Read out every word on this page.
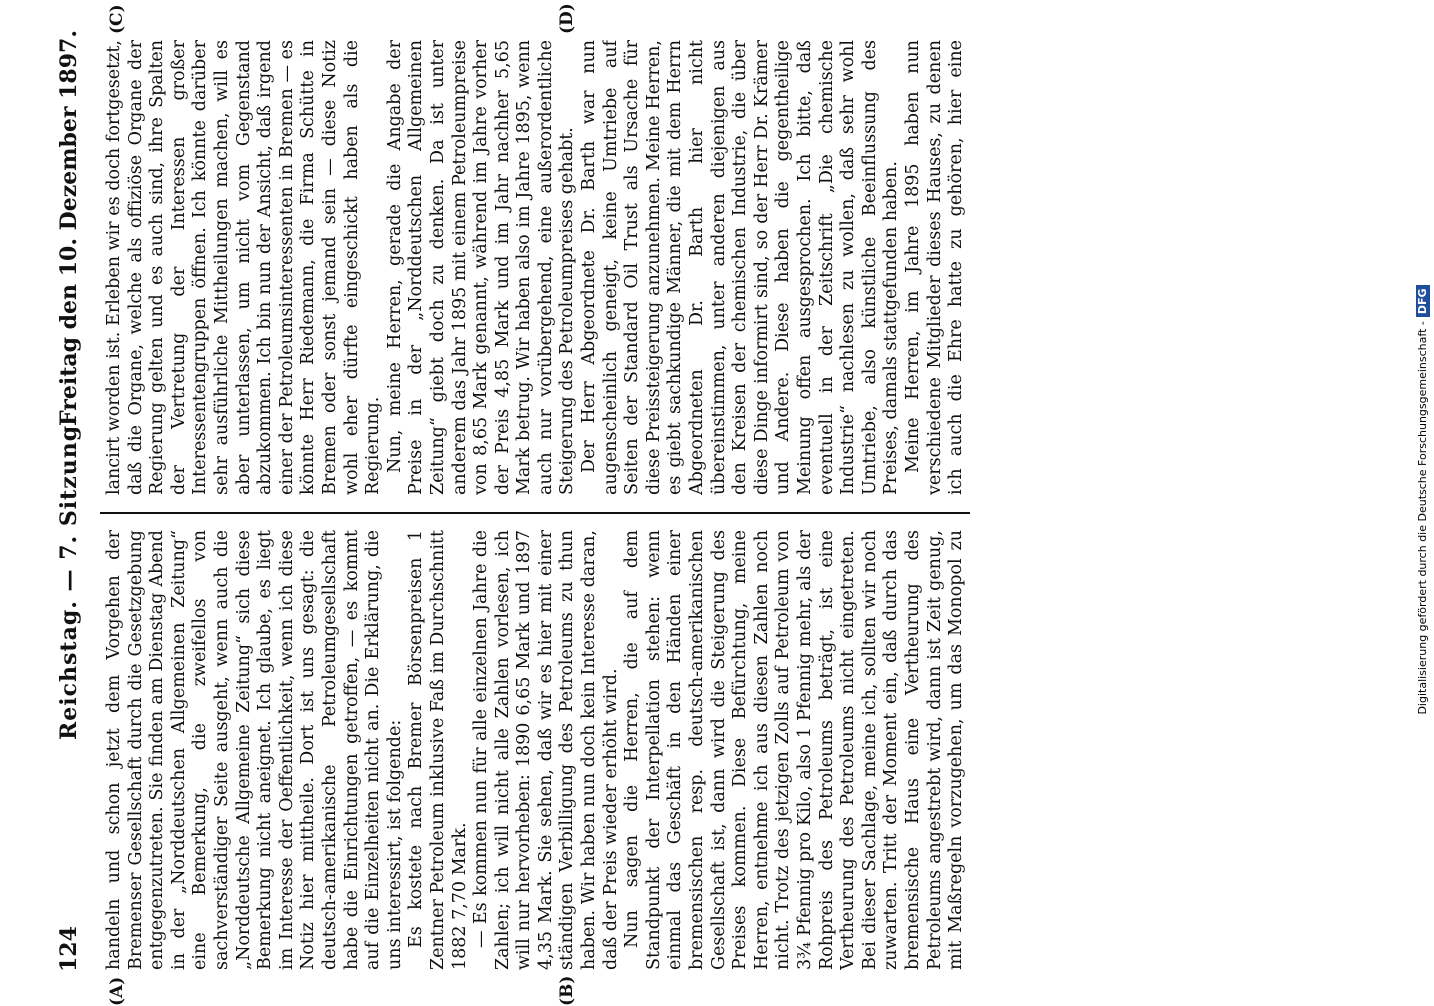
124
Reichstag. — 7. Sitzung.
Freitag den 10. Dezember 1897.
(A)	(B)
(C)	(D)

handeln und schon jetzt dem Vorgehen der Bremenser Gesellschaft durch die Gesetzgebung entgegenzutreten. Sie finden am Dienstag Abend in der „Norddeutschen Allgemeinen Zeitung“ eine Bemerkung, die zweifellos von sachverständiger Seite ausgeht, wenn auch die „Norddeutsche Allgemeine Zeitung“ sich diese Bemerkung nicht aneignet. Ich glaube, es liegt im Interesse der Oeffentlichkeit, wenn ich diese Notiz hier mittheile. Dort ist uns gesagt: die deutsch-amerikanische Petroleumgesellschaft habe die Einrichtungen getroffen, — es kommt auf die Einzelheiten nicht an. Die Erklärung, die uns interessirt, ist folgende: Es kostete nach Bremer Börsenpreisen 1 Zentner Petroleum inklusive Faß im Durchschnitt 1882 7,70 Mark. — Es kommen nun für alle einzelnen Jahre die Zahlen; ich will nicht alle Zahlen vorlesen, ich will nur hervorheben: 1890 6,65 Mark und 1897 4,35 Mark. Sie sehen, daß wir es hier mit einer ständigen Verbilligung des Petroleums zu thun haben. Wir haben nun doch kein Interesse daran, daß der Preis wieder erhöht wird. Nun sagen die Herren, die auf dem Standpunkt der Interpellation stehen: wenn einmal das Geschäft in den Händen einer bremensischen resp. deutsch-amerikanischen Gesellschaft ist, dann wird die Steigerung des Preises kommen. Diese Befürchtung, meine Herren, entnehme ich aus diesen Zahlen noch nicht. Trotz des jetzigen Zolls auf Petroleum von 3¾ Pfennig pro Kilo, also 1 Pfennig mehr, als der Rohpreis des Petroleums beträgt, ist eine Vertheurung des Petroleums nicht eingetreten. Bei dieser Sachlage, meine ich, sollten wir noch zuwarten. Tritt der Moment ein, daß durch das bremensische Haus eine Vertheurung des Petroleums angestrebt wird, dann ist Zeit genug, mit Maßregeln vorzugehen, um das Monopol zu

lancirt worden ist. Erleben wir es doch fortgesetzt, daß die Organe, welche als offiziöse Organe der Regierung gelten und es auch sind, ihre Spalten der Vertretung der Interessen großer Interessentengruppen öffnen. Ich könnte darüber sehr ausführliche Mittheilungen machen, will es aber unterlassen, um nicht vom Gegenstand abzukommen. Ich bin nun der Ansicht, daß irgend einer der Petroleumsinteressenten in Bremen — es könnte Herr Riedemann, die Firma Schütte in Bremen oder sonst jemand sein — diese Notiz wohl eher dürfte eingeschickt haben als die Regierung. Nun, meine Herren, gerade die Angabe der Preise in der „Norddeutschen Allgemeinen Zeitung“ giebt doch zu denken. Da ist unter anderem das Jahr 1895 mit einem Petroleumpreise von 8,65 Mark genannt, während im Jahre vorher der Preis 4,85 Mark und im Jahr nachher 5,65 Mark betrug. Wir haben also im Jahre 1895, wenn auch nur vorübergehend, eine außerordentliche Steigerung des Petroleumpreises gehabt. Der Herr Abgeordnete Dr. Barth war nun augenscheinlich geneigt, keine Umtriebe auf Seiten der Standard Oil Trust als Ursache für diese Preissteigerung anzunehmen. Meine Herren, es giebt sachkundige Männer, die mit dem Herrn Abgeordneten Dr. Barth hier nicht übereinstimmen, unter anderen diejenigen aus den Kreisen der chemischen Industrie, die über diese Dinge informirt sind, so der Herr Dr. Krämer und Andere. Diese haben die gegentheilige Meinung offen ausgesprochen. Ich bitte, daß eventuell in der Zeitschrift „Die chemische Industrie“ nachlesen zu wollen, daß sehr wohl Umtriebe, also künstliche Beeinflussung des Preises, damals stattgefunden haben. Meine Herren, im Jahre 1895 haben nun verschiedene Mitglieder dieses Hauses, zu denen ich auch die Ehre hatte zu gehören, hier eine

Digitalisierung gefördert durch die Deutsche Forschungsgemeinschaft -DFG
